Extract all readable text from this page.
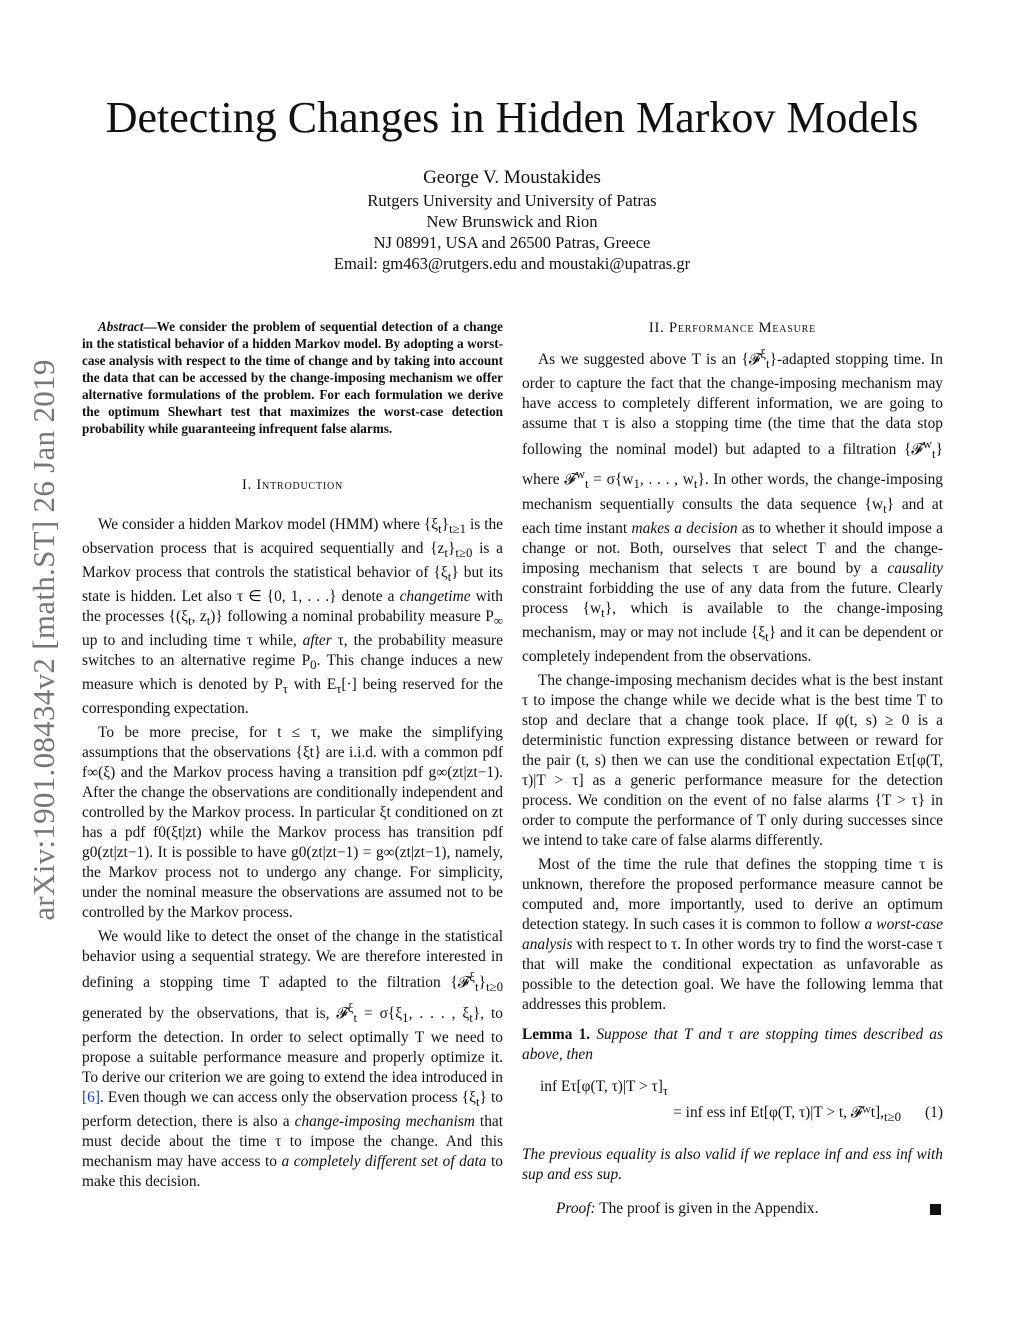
Detecting Changes in Hidden Markov Models
George V. Moustakides
Rutgers University and University of Patras
New Brunswick and Rion
NJ 08991, USA and 26500 Patras, Greece
Email: gm463@rutgers.edu and moustaki@upatras.gr
arXiv:1901.08434v2 [math.ST] 26 Jan 2019

Abstract—We consider the problem of sequential detection of a change in the statistical behavior of a hidden Markov model. By adopting a worst-case analysis with respect to the time of change and by taking into account the data that can be accessed by the change-imposing mechanism we offer alternative formulations of the problem. For each formulation we derive the optimum Shewhart test that maximizes the worst-case detection probability while guaranteeing infrequent false alarms.

I. Introduction

We consider a hidden Markov model (HMM) where $\{\xi_t\}_{t\ge 1}$ is the observation process that is acquired sequentially and $\{z_t\}_{t\ge 0}$ is a Markov process that controls the statistical behavior of $\{\xi_t\}$ but its state is hidden. Let also τ ∈ {0, 1, . . .} denote a changetime with the processes {($\xi_t$, $z_t$)} following a nominal probability measure $P_\infty$ up to and including time τ while, after τ, the probability measure switches to an alternative regime $P_0$. This change induces a new measure which is denoted by $P_\tau$ with $E_\tau[\cdot]$ being reserved for the corresponding expectation.

To be more precise, for t ≤ τ, we make the simplifying assumptions that the observations {ξt} are i.i.d. with a common pdf f∞(ξ) and the Markov process having a transition pdf g∞(zt|zt−1). After the change the observations are conditionally independent and controlled by the Markov process. In particular ξt conditioned on zt has a pdf f0(ξt|zt) while the Markov process has transition pdf g0(zt|zt−1). It is possible to have g0(zt|zt−1) = g∞(zt|zt−1), namely, the Markov process not to undergo any change. For simplicity, under the nominal measure the observations are assumed not to be controlled by the Markov process.

We would like to detect the onset of the change in the statistical behavior using a sequential strategy. We are therefore interested in defining a stopping time T adapted to the filtration $\{𝓕^\xi_t\}_{t\ge 0}$ generated by the observations, that is, 𝓕$^\xi_t$ = $\sigma\{\xi_1$, . . . , $\xi_t$}, to perform the detection. In order to select optimally T we need to propose a suitable performance measure and properly optimize it. To derive our criterion we are going to extend the idea introduced in [6]. Even though we can access only the observation process $\{\xi_t\}$ to perform detection, there is also a change-imposing mechanism that must decide about the time τ to impose the change. And this mechanism may have access to a completely different set of data to make this decision.

II. Performance Measure

As we suggested above T is an {𝓕$^\xi_t$}-adapted stopping time. In order to capture the fact that the change-imposing mechanism may have access to completely different information, we are going to assume that τ is also a stopping time (the time that the data stop following the nominal model) but adapted to a filtration {𝓕$^w_t$} where 𝓕$^w_t$ = $\sigma\{w_1$, . . . , $w_t$}. In other words, the change-imposing mechanism sequentially consults the data sequence $\{w_t\}$ and at each time instant makes a decision as to whether it should impose a change or not. Both, ourselves that select T and the change-imposing mechanism that selects τ are bound by a causality constraint forbidding the use of any data from the future. Clearly process $\{w_t\}$, which is available to the change-imposing mechanism, may or may not include $\{\xi_t\}$ and it can be dependent or completely independent from the observations.

The change-imposing mechanism decides what is the best instant τ to impose the change while we decide what is the best time T to stop and declare that a change took place. If φ(t, s) ≥ 0 is a deterministic function expressing distance between or reward for the pair (t, s) then we can use the conditional expectation Eτ[φ(T, τ)|T > τ] as a generic performance measure for the detection process. We condition on the event of no false alarms {T > τ} in order to compute the performance of T only during successes since we intend to take care of false alarms differently.

Most of the time the rule that defines the stopping time τ is unknown, therefore the proposed performance measure cannot be computed and, more importantly, used to derive an optimum detection stategy. In such cases it is common to follow a worst-case analysis with respect to τ. In other words try to find the worst-case τ that will make the conditional expectation as unfavorable as possible to the detection goal. We have the following lemma that addresses this problem.

Lemma 1. Suppose that T and τ are stopping times described as above, then

inf Eτ[φ(T, $\tau)|T > \tau]_\tau$
= inf ess inf Et[φ(T, τ)|T > t, $𝓕ᵂt],_{t\ge 0}$ (1)

The previous equality is also valid if we replace inf and ess inf with sup and ess sup.

Proof: The proof is given in the Appendix.
